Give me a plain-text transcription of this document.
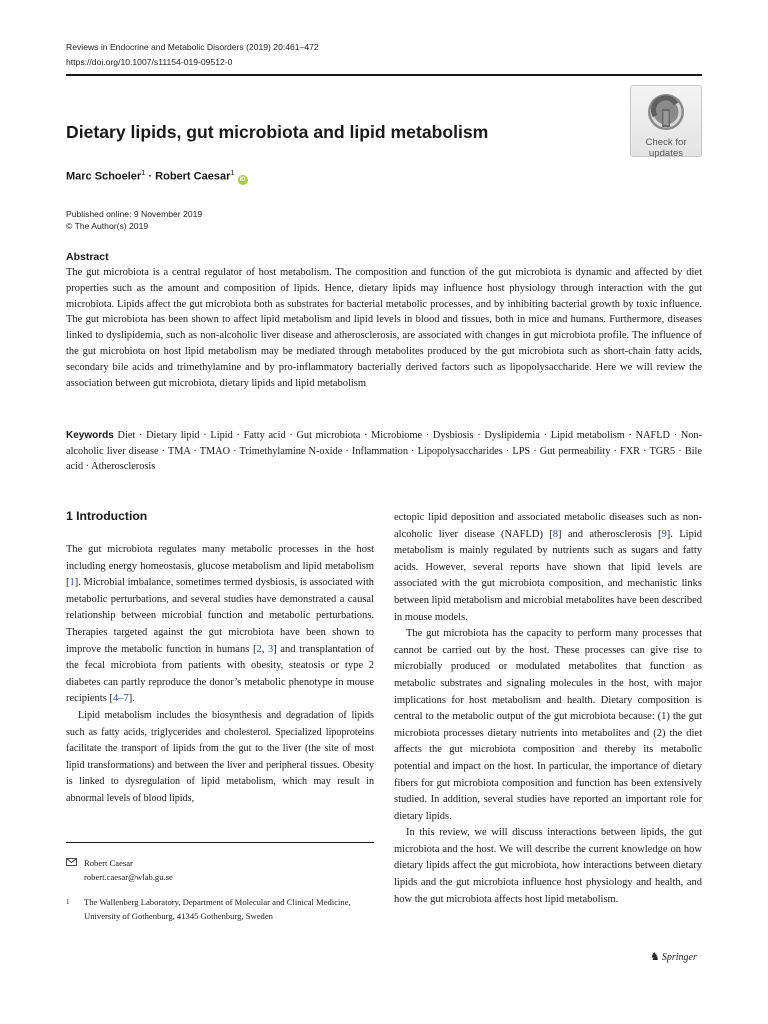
Reviews in Endocrine and Metabolic Disorders (2019) 20:461–472
https://doi.org/10.1007/s11154-019-09512-0
Check for
updates
Dietary lipids, gut microbiota and lipid metabolism
Marc Schoeler$^1$ · Robert Caesar$^1$ iD
Published online: 9 November 2019
© The Author(s) 2019
Abstract

The gut microbiota is a central regulator of host metabolism. The composition and function of the gut microbiota is dynamic and affected by diet properties such as the amount and composition of lipids. Hence, dietary lipids may influence host physiology through interaction with the gut microbiota. Lipids affect the gut microbiota both as substrates for bacterial metabolic processes, and by inhibiting bacterial growth by toxic influence. The gut microbiota has been shown to affect lipid metabolism and lipid levels in blood and tissues, both in mice and humans. Furthermore, diseases linked to dyslipidemia, such as non-alcoholic liver disease and atherosclerosis, are associated with changes in gut microbiota profile. The influence of the gut microbiota on host lipid metabolism may be mediated through metabolites produced by the gut microbiota such as short-chain fatty acids, secondary bile acids and trimethylamine and by pro-inflammatory bacterially derived factors such as lipopolysaccharide. Here we will review the association between gut microbiota, dietary lipids and lipid metabolism

Keywords Diet · Dietary lipid · Lipid · Fatty acid · Gut microbiota · Microbiome · Dysbiosis · Dyslipidemia · Lipid metabolism · NAFLD · Non-alcoholic liver disease · TMA · TMAO · Trimethylamine N-oxide · Inflammation · Lipopolysaccharides · LPS · Gut permeability · FXR · TGR5 · Bile acid · Atherosclerosis

1 Introduction

The gut microbiota regulates many metabolic processes in the host including energy homeostasis, glucose metabolism and lipid metabolism [1]. Microbial imbalance, sometimes termed dysbiosis, is associated with metabolic perturbations, and several studies have demonstrated a causal relationship between microbial function and metabolic perturbations. Therapies targeted against the gut microbiota have been shown to improve the metabolic function in humans [2, 3] and transplantation of the fecal microbiota from patients with obesity, steatosis or type 2 diabetes can partly reproduce the donor’s metabolic phenotype in mouse recipients [4–7].

Lipid metabolism includes the biosynthesis and degradation of lipids such as fatty acids, triglycerides and cholesterol. Specialized lipoproteins facilitate the transport of lipids from the gut to the liver (the site of most lipid transformations) and between the liver and peripheral tissues. Obesity is linked to dysregulation of lipid metabolism, which may result in abnormal levels of blood lipids,

ectopic lipid deposition and associated metabolic diseases such as non-alcoholic liver disease (NAFLD) [8] and atherosclerosis [9]. Lipid metabolism is mainly regulated by nutrients such as sugars and fatty acids. However, several reports have shown that lipid levels are associated with the gut microbiota composition, and mechanistic links between lipid metabolism and microbial metabolites have been described in mouse models.

The gut microbiota has the capacity to perform many processes that cannot be carried out by the host. These processes can give rise to microbially produced or modulated metabolites that function as metabolic substrates and signaling molecules in the host, with major implications for host metabolism and health. Dietary composition is central to the metabolic output of the gut microbiota because: (1) the gut microbiota processes dietary nutrients into metabolites and (2) the diet affects the gut microbiota composition and thereby its metabolic potential and impact on the host. In particular, the importance of dietary fibers for gut microbiota composition and function has been extensively studied. In addition, several studies have reported an important role for dietary lipids.

In this review, we will discuss interactions between lipids, the gut microbiota and the host. We will describe the current knowledge on how dietary lipids affect the gut microbiota, how interactions between dietary lipids and the gut microbiota influence host physiology and health, and how the gut microbiota affects host lipid metabolism.

Robert Caesar
robert.caesar@wlab.gu.se
1	The Wallenberg Laboratory, Department of Molecular and Clinical Medicine, University of Gothenburg, 41345 Gothenburg, Sweden
♞ Springer
